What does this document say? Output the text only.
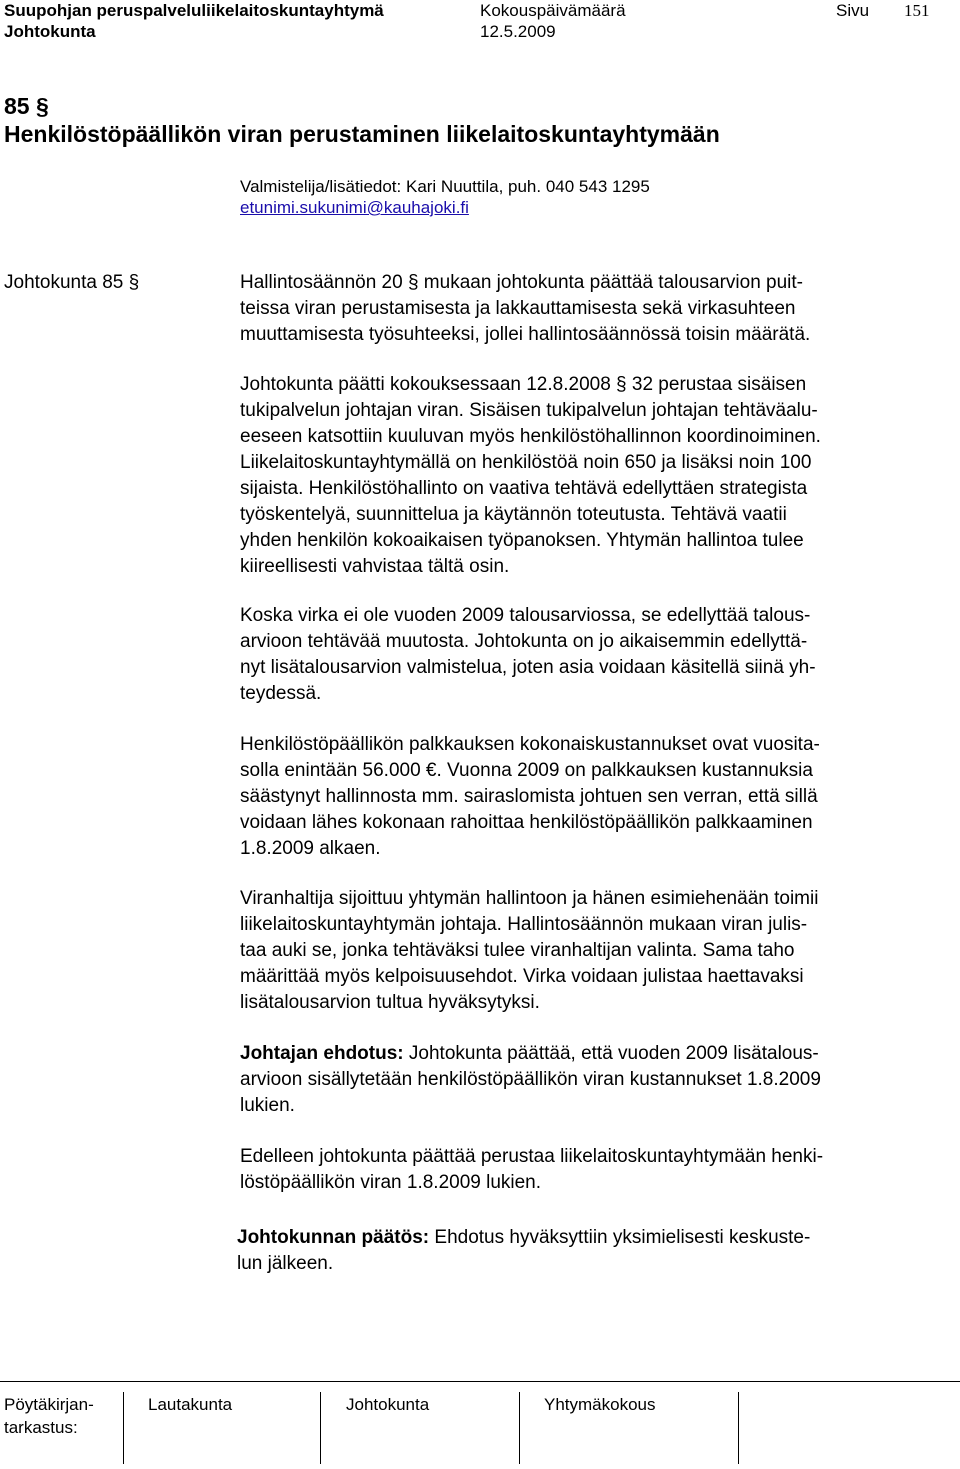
Suupohjan peruspalveluliikelaitoskuntayhtymä	Kokouspäivämäärä	Sivu 151
Johtokunta	12.5.2009
85 §
Henkilöstöpäällikön viran perustaminen liikelaitoskuntayhtymään
Valmistelija/lisätiedot: Kari Nuuttila, puh. 040 543 1295
etunimi.sukunimi@kauhajoki.fi
Johtokunta 85 §	Hallintosäännön 20 § mukaan johtokunta päättää talousarvion puit-
teissa viran perustamisesta ja lakkauttamisesta sekä virkasuhteen
muuttamisesta työsuhteeksi, jollei hallintosäännössä toisin määrätä.
Johtokunta päätti kokouksessaan 12.8.2008 § 32 perustaa sisäisen
tukipalvelun johtajan viran. Sisäisen tukipalvelun johtajan tehtäväalu-
eeseen katsottiin kuuluvan myös henkilöstöhallinnon koordinoiminen.
Liikelaitoskuntayhtymällä on henkilöstöä noin 650 ja lisäksi noin 100
sijaista. Henkilöstöhallinto on vaativa tehtävä edellyttäen strategista
työskentelyä, suunnittelua ja käytännön toteutusta. Tehtävä vaatii
yhden henkilön kokoaikaisen työpanoksen. Yhtymän hallintoa tulee
kiireellisesti vahvistaa tältä osin.
Koska virka ei ole vuoden 2009 talousarviossa, se edellyttää talous-
arvioon tehtävää muutosta. Johtokunta on jo aikaisemmin edellyttä-
nyt lisätalousarvion valmistelua, joten asia voidaan käsitellä siinä yh-
teydessä.
Henkilöstöpäällikön palkkauksen kokonaiskustannukset ovat vuosita-
solla enintään 56.000 €. Vuonna 2009 on palkkauksen kustannuksia
säästynyt hallinnosta mm. sairaslomista johtuen sen verran, että sillä
voidaan lähes kokonaan rahoittaa henkilöstöpäällikön palkkaaminen
1.8.2009 alkaen.
Viranhaltija sijoittuu yhtymän hallintoon ja hänen esimiehenään toimii
liikelaitoskuntayhtymän johtaja. Hallintosäännön mukaan viran julis-
taa auki se, jonka tehtäväksi tulee viranhaltijan valinta. Sama taho
määrittää myös kelpoisuusehdot. Virka voidaan julistaa haettavaksi
lisätalousarvion tultua hyväksytyksi.
Johtajan ehdotus: Johtokunta päättää, että vuoden 2009 lisätalous-
arvioon sisällytetään henkilöstöpäällikön viran kustannukset 1.8.2009
lukien.
Edelleen johtokunta päättää perustaa liikelaitoskuntayhtymään henki-
löstöpäällikön viran 1.8.2009 lukien.
Johtokunnan päätös: Ehdotus hyväksyttiin yksimielisesti keskuste-
lun jälkeen.
Pöytäkirjan-
tarkastus:
Lautakunta	Johtokunta	Yhtymäkokous
